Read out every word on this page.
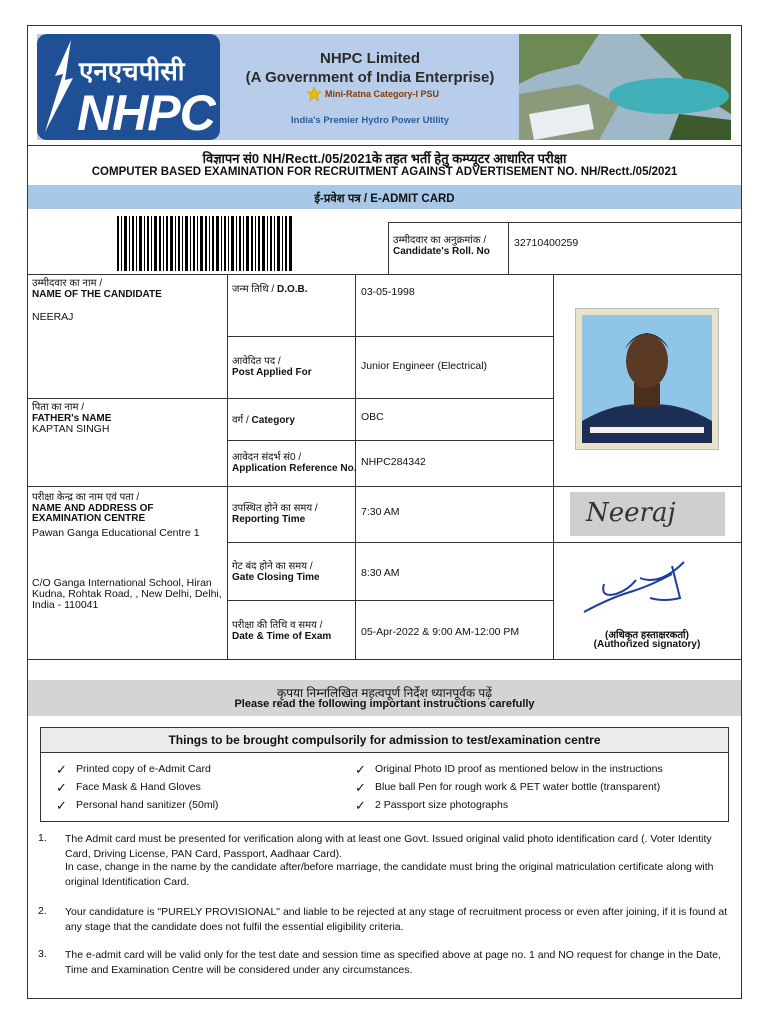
एनएचपीसी
NHPC
NHPC Limited
(A Government of India Enterprise)
Mini-Ratna Category-I PSU
India's Premier Hydro Power Utility
विज्ञापन सं0 NH/Rectt./05/2021के तहत भर्ती हेतु कम्प्यूटर आधारित परीक्षा
COMPUTER BASED EXAMINATION FOR RECRUITMENT AGAINST ADVERTISEMENT NO. NH/Rectt./05/2021
ई-प्रवेश पत्र / E-ADMIT CARD
उम्मीदवार का अनुक्रमांक /
Candidate's Roll. No
32710400259
उम्मीदवार का नाम /
NAME OF THE CANDIDATE
NEERAJ
पिता का नाम /
FATHER's NAME
KAPTAN SINGH
परीक्षा केन्द्र का नाम एवं पता /
NAME AND ADDRESS OF
EXAMINATION CENTRE
Pawan Ganga Educational Centre 1
C/O Ganga International School, Hiran Kudna, Rohtak Road, , New Delhi, Delhi, India - 110041
जन्म तिथि / D.O.B.
आवेदित पद /
Post Applied For
वर्ग / Category
आवेदन संदर्भ सं0 /
Application Reference No.
उपस्थित होने का समय /
Reporting Time
गेट बंद होने का समय /
Gate Closing Time
परीक्षा की तिथि व समय /
Date & Time of Exam
03-05-1998
Junior Engineer (Electrical)
OBC
NHPC284342
7:30 AM
8:30 AM
05-Apr-2022 & 9:00 AM-12:00 PM
Neeraj
(अधिकृत हस्ताक्षरकर्ता)
(Authorized signatory)
कृपया निम्नलिखित महत्वपूर्ण निर्देश ध्यानपूर्वक पढ़ें
Please read the following important instructions carefully
Things to be brought compulsorily for admission to test/examination centre
✓ Printed copy of e-Admit Card
✓ Face Mask & Hand Gloves
✓ Personal hand sanitizer (50ml)
✓ Original Photo ID proof as mentioned below in the instructions
✓ Blue ball Pen for rough work & PET water bottle (transparent)
✓ 2 Passport size photographs
1. The Admit card must be presented for verification along with at least one Govt. Issued original valid photo identification card (. Voter Identity Card, Driving License, PAN Card, Passport, Aadhaar Card).
In case, change in the name by the candidate after/before marriage, the candidate must bring the original matriculation certificate along with original Identification Card.
2. Your candidature is "PURELY PROVISIONAL" and liable to be rejected at any stage of recruitment process or even after joining, if it is found at any stage that the candidate does not fulfil the essential eligibility criteria.
3. The e-admit card will be valid only for the test date and session time as specified above at page no. 1 and NO request for change in the Date, Time and Examination Centre will be considered under any circumstances.
